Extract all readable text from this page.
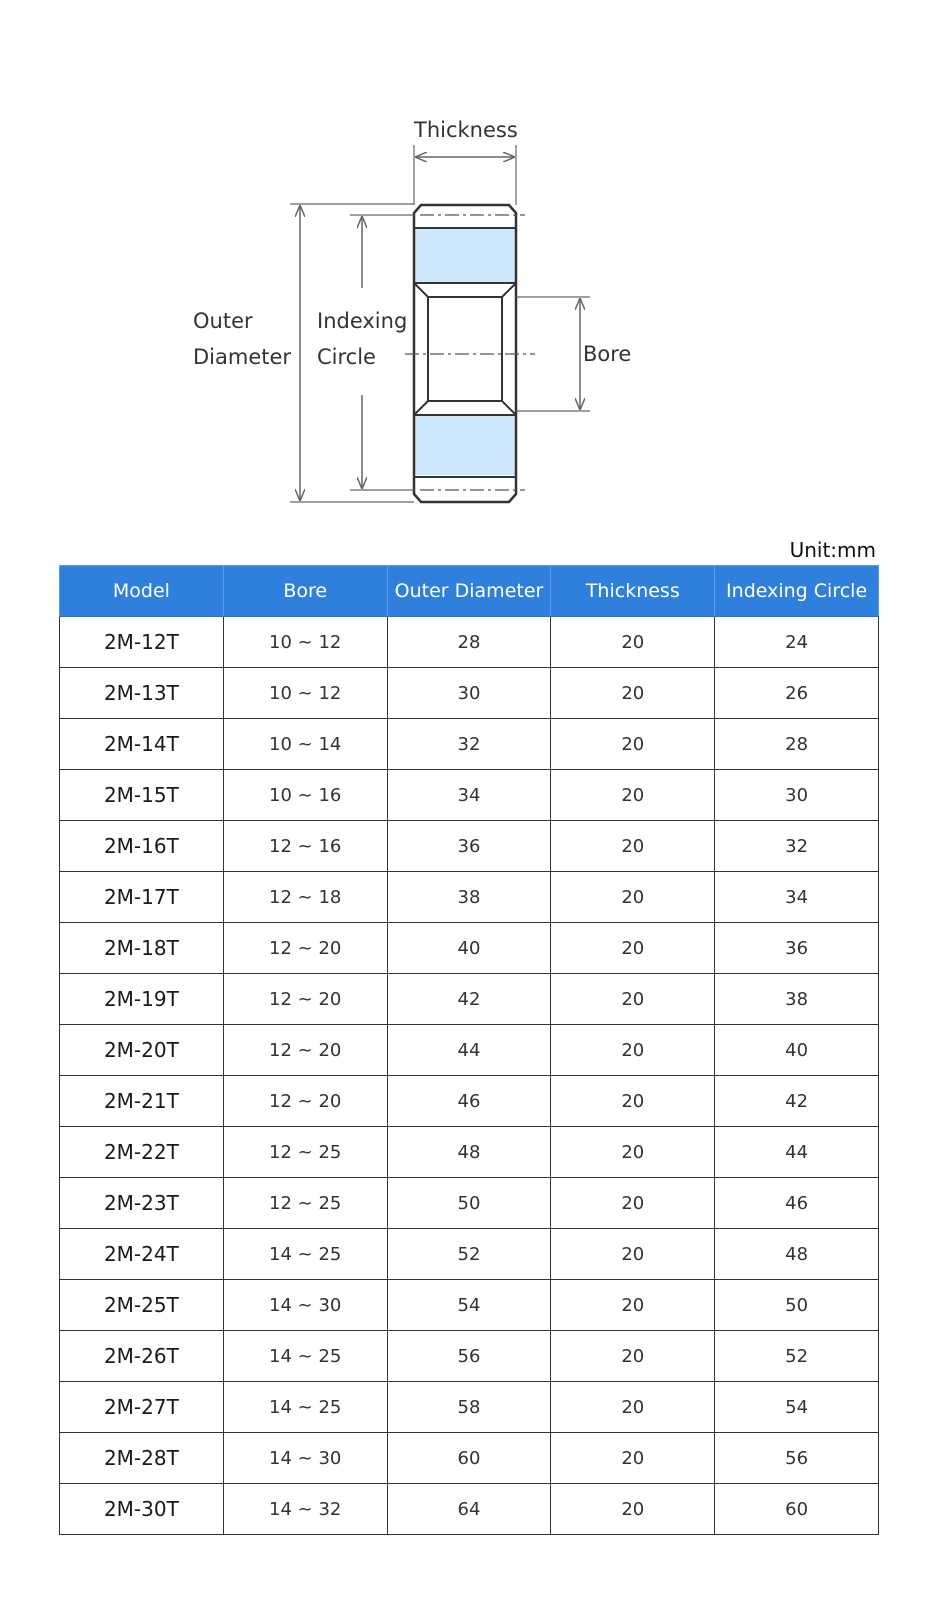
Thickness
Outer
Diameter
Indexing
Circle	Bore
Unit:mm
Model	Bore	Outer Diameter	Thickness	Indexing Circle
2M-12T	10 ~ 12	28	20	24
2M-13T	10 ~ 12	30	20	26
2M-14T	10 ~ 14	32	20	28
2M-15T	10 ~ 16	34	20	30
2M-16T	12 ~ 16	36	20	32
2M-17T	12 ~ 18	38	20	34
2M-18T	12 ~ 20	40	20	36
2M-19T	12 ~ 20	42	20	38
2M-20T	12 ~ 20	44	20	40
2M-21T	12 ~ 20	46	20	42
2M-22T	12 ~ 25	48	20	44
2M-23T	12 ~ 25	50	20	46
2M-24T	14 ~ 25	52	20	48
2M-25T	14 ~ 30	54	20	50
2M-26T	14 ~ 25	56	20	52
2M-27T	14 ~ 25	58	20	54
2M-28T	14 ~ 30	60	20	56
2M-30T	14 ~ 32	64	20	60
